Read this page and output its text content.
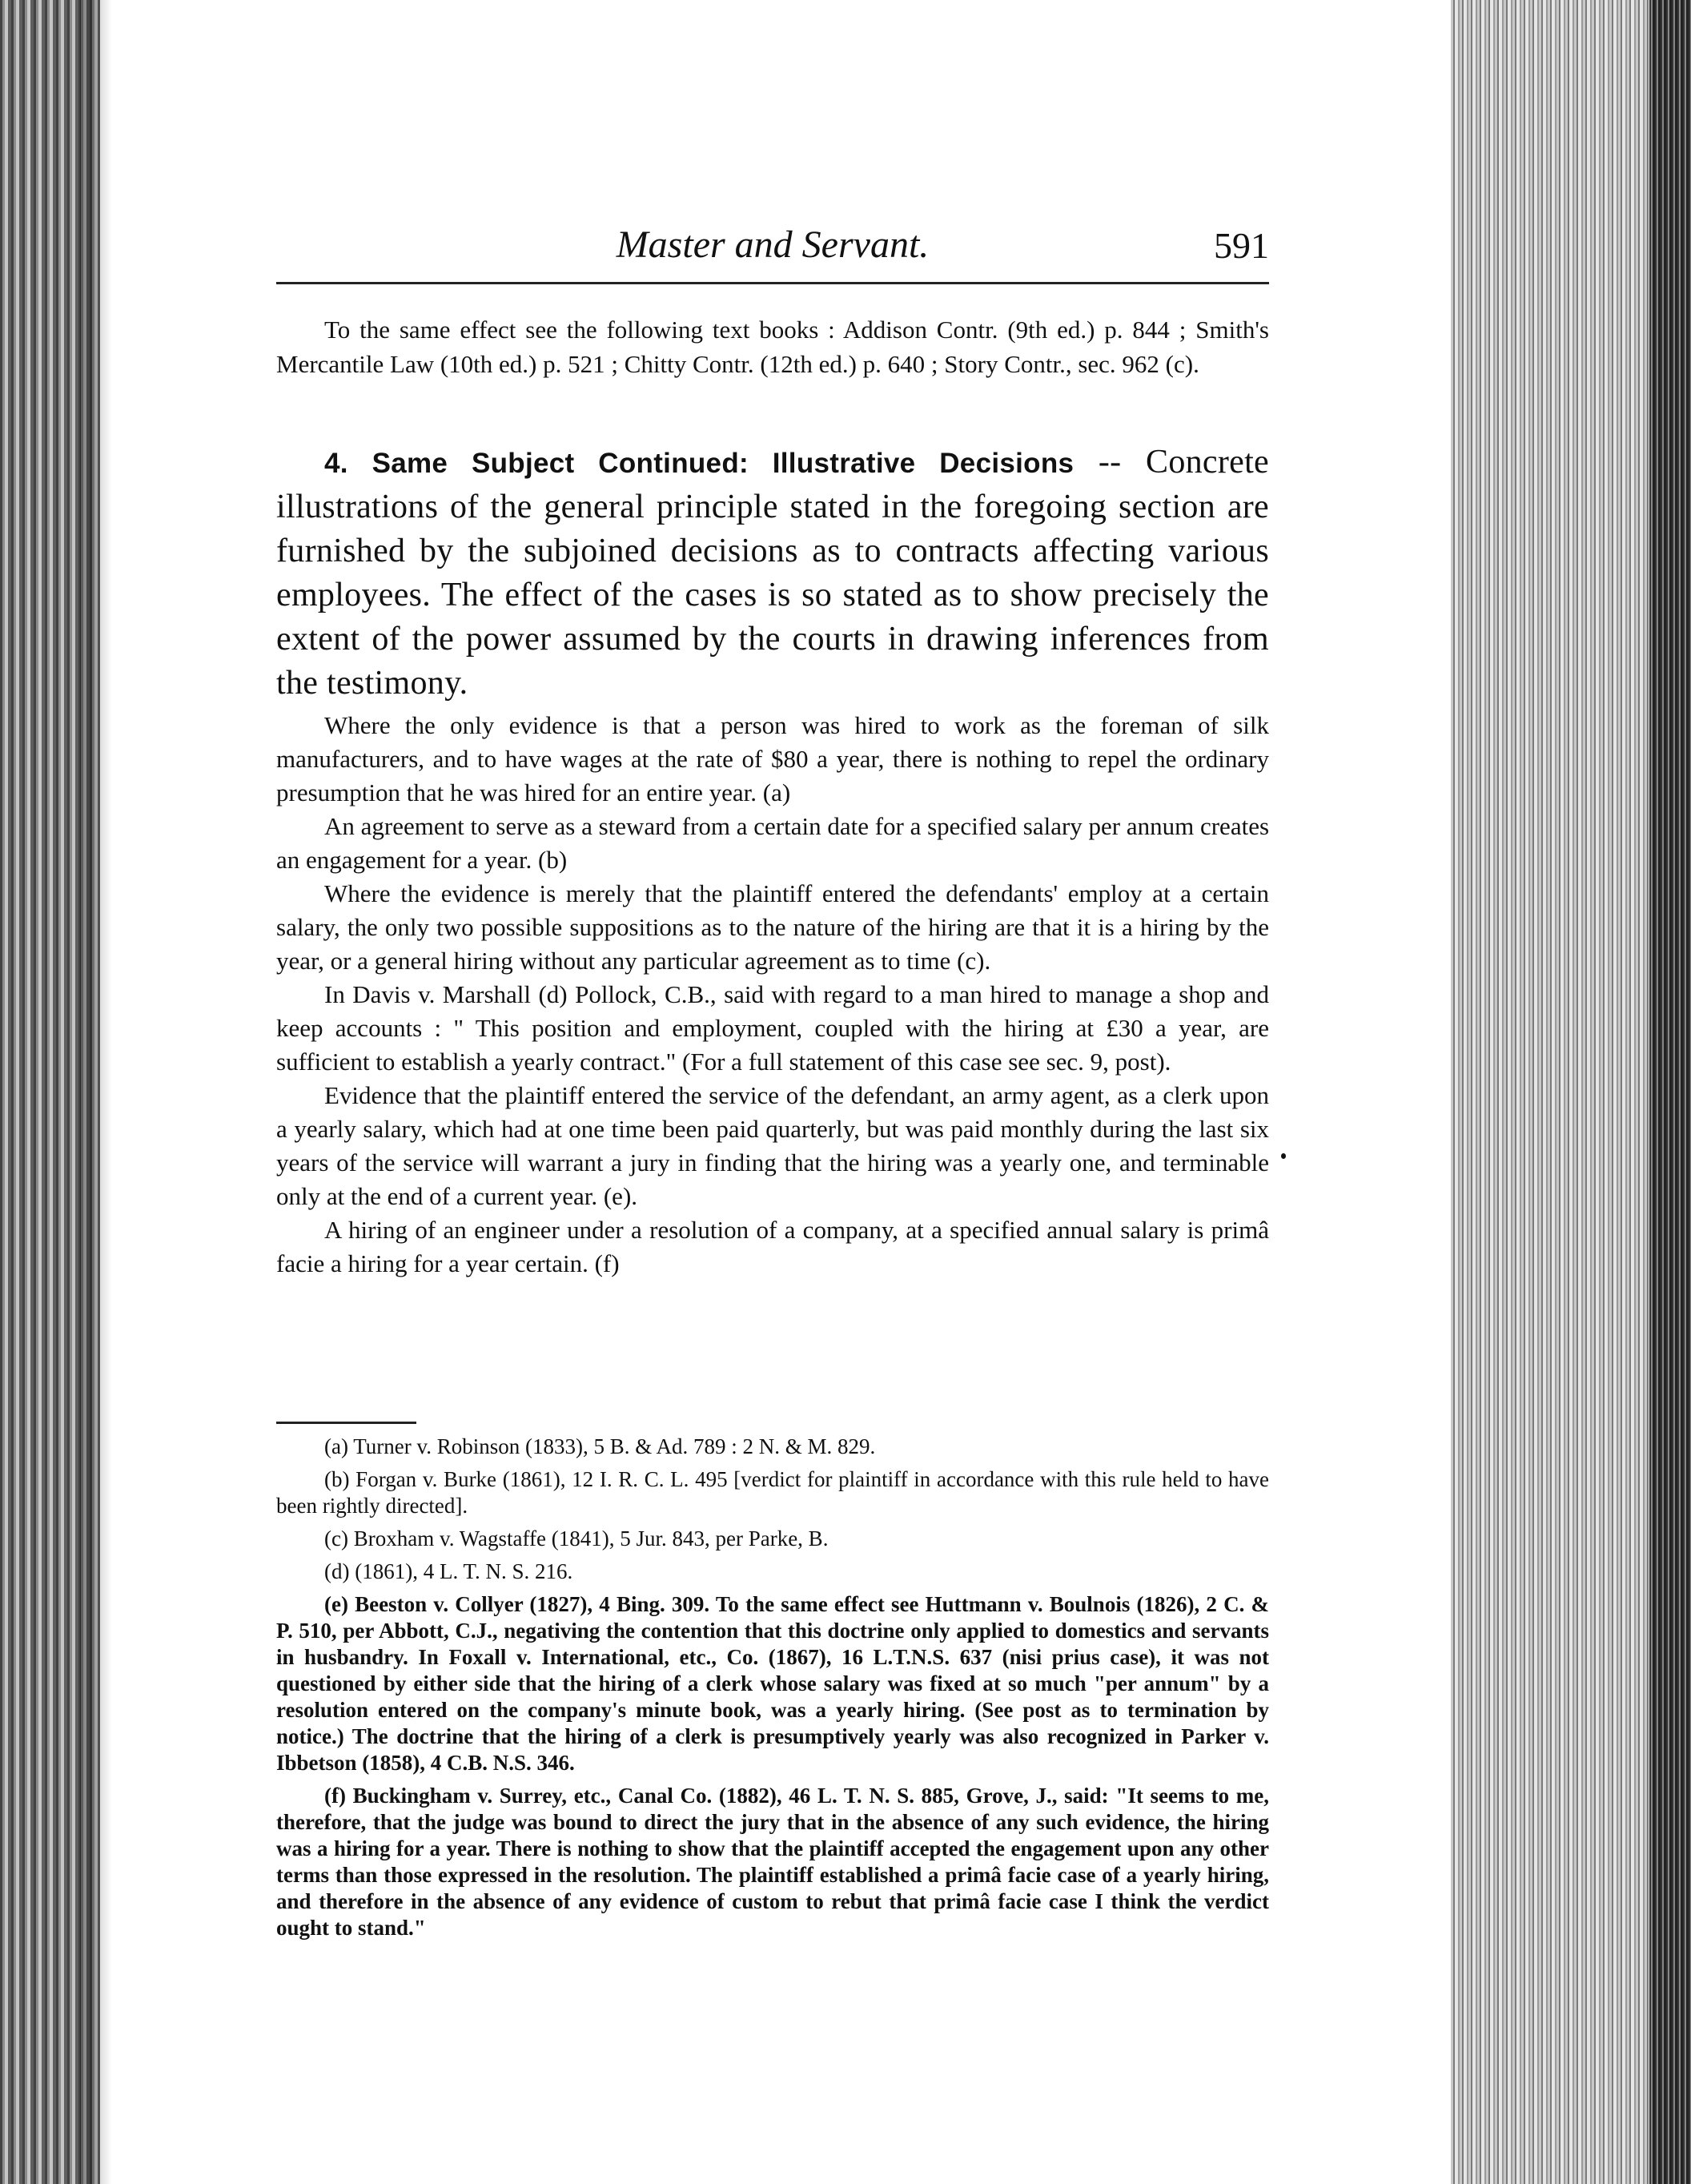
Master and Servant.	591
To the same effect see the following text books : Addison Contr. (9th ed.) p. 844 ; Smith's Mercantile Law (10th ed.) p. 521 ; Chitty Contr. (12th ed.) p. 640 ; Story Contr., sec. 962 (c).
4. Same Subject Continued: Illustrative Decisions -- Concrete illustrations of the general principle stated in the foregoing section are furnished by the subjoined decisions as to contracts affecting various employees. The effect of the cases is so stated as to show precisely the extent of the power assumed by the courts in drawing inferences from the testimony.

Where the only evidence is that a person was hired to work as the foreman of silk manufacturers, and to have wages at the rate of $80 a year, there is nothing to repel the ordinary presumption that he was hired for an entire year. (a)

An agreement to serve as a steward from a certain date for a specified salary per annum creates an engagement for a year. (b)

Where the evidence is merely that the plaintiff entered the defendants' employ at a certain salary, the only two possible suppositions as to the nature of the hiring are that it is a hiring by the year, or a general hiring without any particular agreement as to time (c).

In Davis v. Marshall (d) Pollock, C.B., said with regard to a man hired to manage a shop and keep accounts : " This position and employment, coupled with the hiring at £30 a year, are sufficient to establish a yearly contract." (For a full statement of this case see sec. 9, post).

Evidence that the plaintiff entered the service of the defendant, an army agent, as a clerk upon a yearly salary, which had at one time been paid quarterly, but was paid monthly during the last six years of the service will warrant a jury in finding that the hiring was a yearly one, and terminable only at the end of a current year. (e).

A hiring of an engineer under a resolution of a company, at a specified annual salary is primâ facie a hiring for a year certain. (f)

(a) Turner v. Robinson (1833), 5 B. & Ad. 789 : 2 N. & M. 829.

(b) Forgan v. Burke (1861), 12 I. R. C. L. 495 [verdict for plaintiff in accordance with this rule held to have been rightly directed].

(c) Broxham v. Wagstaffe (1841), 5 Jur. 843, per Parke, B.

(d) (1861), 4 L. T. N. S. 216.

(e) Beeston v. Collyer (1827), 4 Bing. 309. To the same effect see Huttmann v. Boulnois (1826), 2 C. & P. 510, per Abbott, C.J., negativing the contention that this doctrine only applied to domestics and servants in husbandry. In Foxall v. International, etc., Co. (1867), 16 L.T.N.S. 637 (nisi prius case), it was not questioned by either side that the hiring of a clerk whose salary was fixed at so much "per annum" by a resolution entered on the company's minute book, was a yearly hiring. (See post as to termination by notice.) The doctrine that the hiring of a clerk is presumptively yearly was also recognized in Parker v. Ibbetson (1858), 4 C.B. N.S. 346.

(f) Buckingham v. Surrey, etc., Canal Co. (1882), 46 L. T. N. S. 885, Grove, J., said: "It seems to me, therefore, that the judge was bound to direct the jury that in the absence of any such evidence, the hiring was a hiring for a year. There is nothing to show that the plaintiff accepted the engagement upon any other terms than those expressed in the resolution. The plaintiff established a primâ facie case of a yearly hiring, and therefore in the absence of any evidence of custom to rebut that primâ facie case I think the verdict ought to stand."
